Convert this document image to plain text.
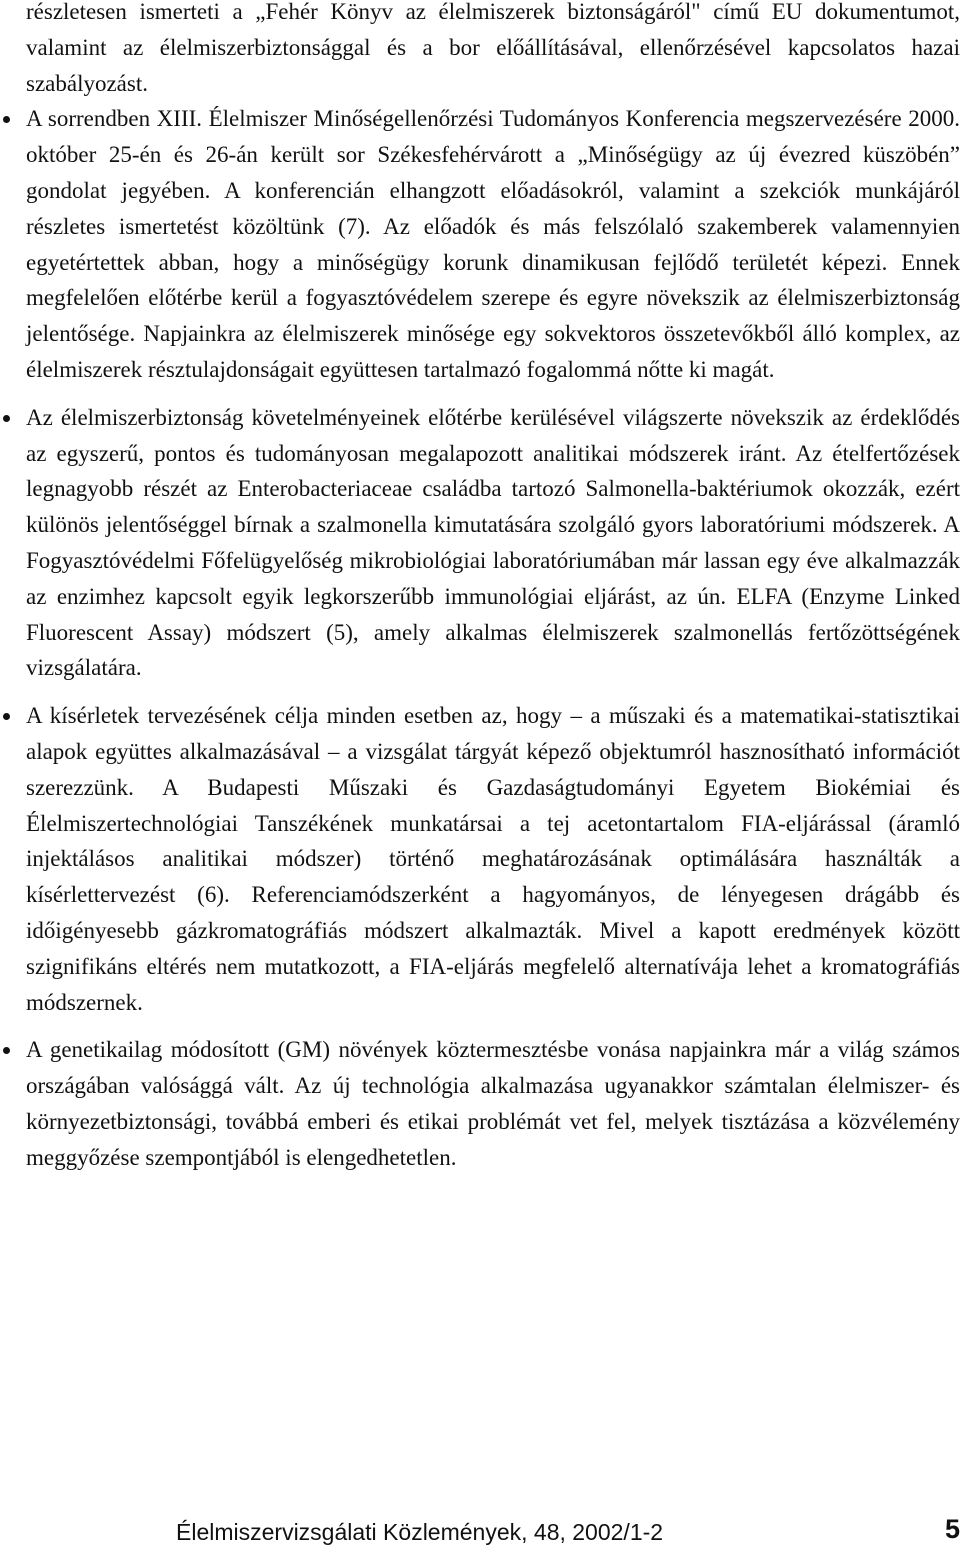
részletesen ismerteti a „Fehér Könyv az élelmiszerek biztonságáról" című EU dokumentumot, valamint az élelmiszerbiztonsággal és a bor előállításával, ellenőrzésével kapcsolatos hazai szabályozást.

A sorrendben XIII. Élelmiszer Minőségellenőrzési Tudományos Konferencia megszervezésére 2000. október 25-én és 26-án került sor Székesfehérvárott a „Minőségügy az új évezred küszöbén” gondolat jegyében. A konferencián elhangzott előadásokról, valamint a szekciók munkájáról részletes ismertetést közöltünk (7). Az előadók és más felszólaló szakemberek valamennyien egyetértettek abban, hogy a minőségügy korunk dinamikusan fejlődő területét képezi. Ennek megfelelően előtérbe kerül a fogyasztóvédelem szerepe és egyre növekszik az élelmiszerbiztonság jelentősége. Napjainkra az élelmiszerek minősége egy sokvektoros összetevőkből álló komplex, az élelmiszerek résztulajdonságait együttesen tartalmazó fogalommá nőtte ki magát.

Az élelmiszerbiztonság követelményeinek előtérbe kerülésével világszerte növekszik az érdeklődés az egyszerű, pontos és tudományosan megalapozott analitikai módszerek iránt. Az ételfertőzések legnagyobb részét az Enterobacteriaceae családba tartozó Salmonella-baktériumok okozzák, ezért különös jelentőséggel bírnak a szalmonella kimutatására szolgáló gyors laboratóriumi módszerek. A Fogyasztóvédelmi Főfelügyelőség mikrobiológiai laboratóriumában már lassan egy éve alkalmazzák az enzimhez kapcsolt egyik legkorszerűbb immunológiai eljárást, az ún. ELFA (Enzyme Linked Fluorescent Assay) módszert (5), amely alkalmas élelmiszerek szalmonellás fertőzöttségének vizsgálatára.

A kísérletek tervezésének célja minden esetben az, hogy – a műszaki és a matematikai-statisztikai alapok együttes alkalmazásával – a vizsgálat tárgyát képező objektumról hasznosítható információt szerezzünk. A Budapesti Műszaki és Gazdaságtudományi Egyetem Biokémiai és Élelmiszertechnológiai Tanszékének munkatársai a tej acetontartalom FIA-eljárással (áramló injektálásos analitikai módszer) történő meghatározásának optimálására használták a kísérlettervezést (6). Referenciamódszerként a hagyományos, de lényegesen drágább és időigényesebb gázkromatográfiás módszert alkalmazták. Mivel a kapott eredmények között szignifikáns eltérés nem mutatkozott, a FIA-eljárás megfelelő alternatívája lehet a kromatográfiás módszernek.

A genetikailag módosított (GM) növények köztermesztésbe vonása napjainkra már a világ számos országában valósággá vált. Az új technológia alkalmazása ugyanakkor számtalan élelmiszer- és környezetbiztonsági, továbbá emberi és etikai problémát vet fel, melyek tisztázása a közvélemény meggyőzése szempontjából is elengedhetetlen.

Élelmiszervizsgálati Közlemények, 48, 2002/1-2	5
